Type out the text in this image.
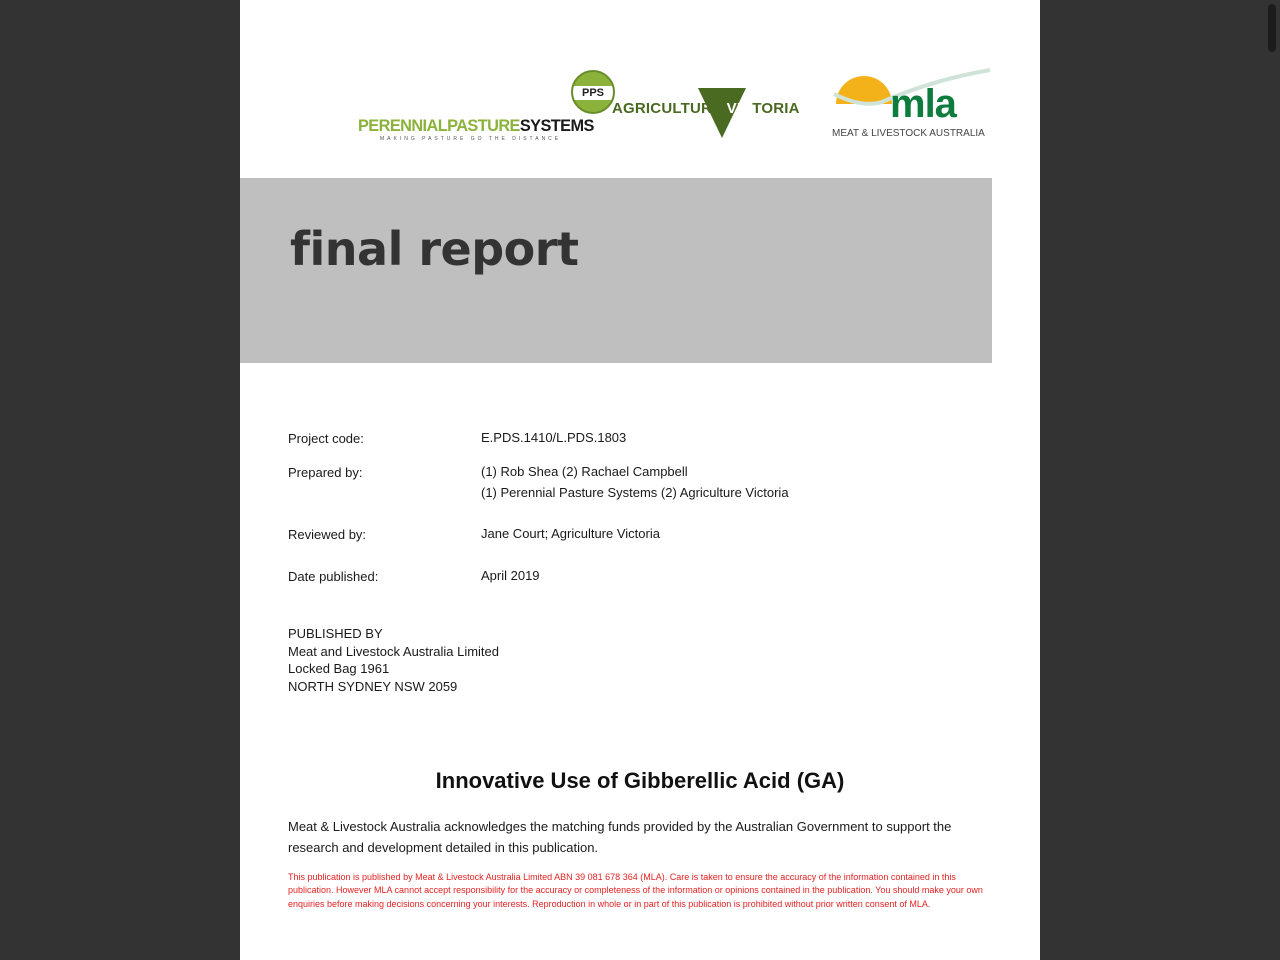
PPS
PERENNIALPASTURESYSTEMS
MAKING PASTURE GO THE DISTANCE
AGRICULTURE VICTORIA mla
MEAT & LIVESTOCK AUSTRALIA
final report
Project code:	E.PDS.1410/L.PDS.1803
Prepared by:	(1) Rob Shea (2) Rachael Campbell
(1) Perennial Pasture Systems (2) Agriculture Victoria
Reviewed by:	Jane Court; Agriculture Victoria
Date published:	April 2019
PUBLISHED BY
Meat and Livestock Australia Limited
Locked Bag 1961
NORTH SYDNEY NSW 2059
Innovative Use of Gibberellic Acid (GA)
Meat & Livestock Australia acknowledges the matching funds provided by the Australian Government to support the research and development detailed in this publication.
This publication is published by Meat & Livestock Australia Limited ABN 39 081 678 364 (MLA). Care is taken to ensure the accuracy of the information contained in this publication. However MLA cannot accept responsibility for the accuracy or completeness of the information or opinions contained in the publication. You should make your own enquiries before making decisions concerning your interests. Reproduction in whole or in part of this publication is prohibited without prior written consent of MLA.
